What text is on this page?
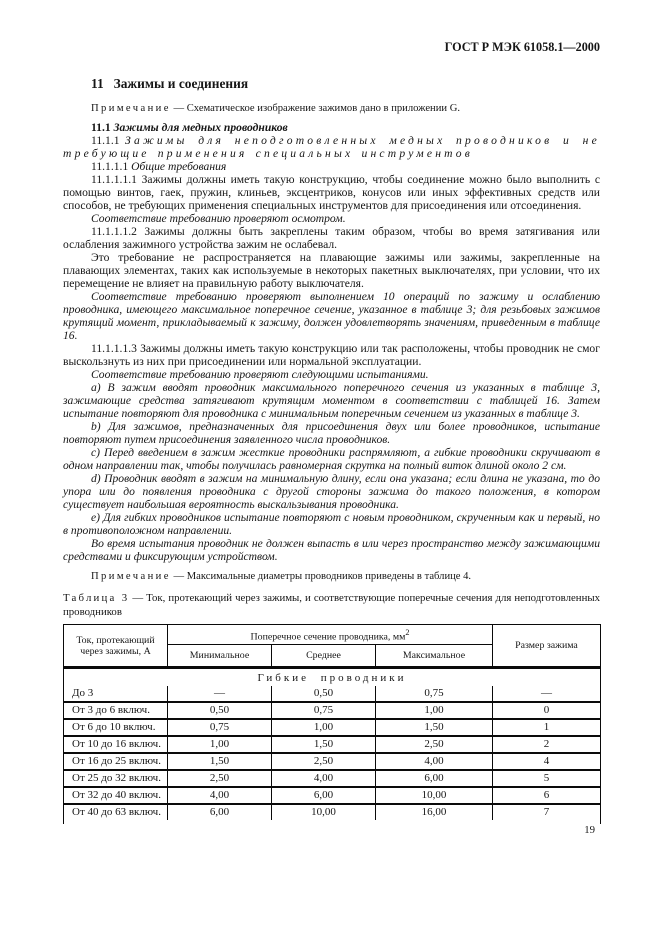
ГОСТ Р МЭК 61058.1—2000
11 Зажимы и соединения

Примечание — Схематическое изображение зажимов дано в приложении G.

11.1 Зажимы для медных проводников

11.1.1 Зажимы для неподготовленных медных проводников и не требующие применения специальных инструментов

11.1.1.1 Общие требования

11.1.1.1.1 Зажимы должны иметь такую конструкцию, чтобы соединение можно было выполнить с помощью винтов, гаек, пружин, клиньев, эксцентриков, конусов или иных эффективных средств или способов, не требующих применения специальных инструментов для присоединения или отсоединения.

Соответствие требованию проверяют осмотром.

11.1.1.1.2 Зажимы должны быть закреплены таким образом, чтобы во время затягивания или ослабления зажимного устройства зажим не ослабевал.

Это требование не распространяется на плавающие зажимы или зажимы, закрепленные на плавающих элементах, таких как используемые в некоторых пакетных выключателях, при условии, что их перемещение не влияет на правильную работу выключателя.

Соответствие требованию проверяют выполнением 10 операций по зажиму и ослаблению проводника, имеющего максимальное поперечное сечение, указанное в таблице 3; для резьбовых зажимов крутящий момент, прикладываемый к зажиму, должен удовлетворять значениям, приведенным в таблице 16.

11.1.1.1.3 Зажимы должны иметь такую конструкцию или так расположены, чтобы проводник не смог выскользнуть из них при присоединении или нормальной эксплуатации.

Соответствие требованию проверяют следующими испытаниями.

а) В зажим вводят проводник максимального поперечного сечения из указанных в таблице 3, зажимающие средства затягивают крутящим моментом в соответствии с таблицей 16. Затем испытание повторяют для проводника с минимальным поперечным сечением из указанных в таблице 3.

b) Для зажимов, предназначенных для присоединения двух или более проводников, испытание повторяют путем присоединения заявленного числа проводников.

c) Перед введением в зажим жесткие проводники распрямляют, а гибкие проводники скручивают в одном направлении так, чтобы получилась равномерная скрутка на полный виток длиной около 2 см.

d) Проводник вводят в зажим на минимальную длину, если она указана; если длина не указана, то до упора или до появления проводника с другой стороны зажима до такого положения, в котором существует наибольшая вероятность выскальзывания проводника.

е) Для гибких проводников испытание повторяют с новым проводником, скрученным как и первый, но в противоположном направлении.

Во время испытания проводник не должен выпасть в или через пространство между зажимающими средствами и фиксирующим устройством.

Примечание — Максимальные диаметры проводников приведены в таблице 4.

Таблица 3 — Ток, протекающий через зажимы, и соответствующие поперечные сечения для неподготовленных проводников
Ток, протекающий через зажимы, А	Поперечное сечение проводника, $мм^2$			Размер зажима
	Минимальное	Среднее	Максимальное	
Гибкие проводники				
До 3	—	0,50	0,75	—
От 3 до 6 включ.	0,50	0,75	1,00	0
От 6 до 10 включ.	0,75	1,00	1,50	1
От 10 до 16 включ.	1,00	1,50	2,50	2
От 16 до 25 включ.	1,50	2,50	4,00	4
От 25 до 32 включ.	2,50	4,00	6,00	5
От 32 до 40 включ.	4,00	6,00	10,00	6
От 40 до 63 включ.	6,00	10,00	16,00	7

19
